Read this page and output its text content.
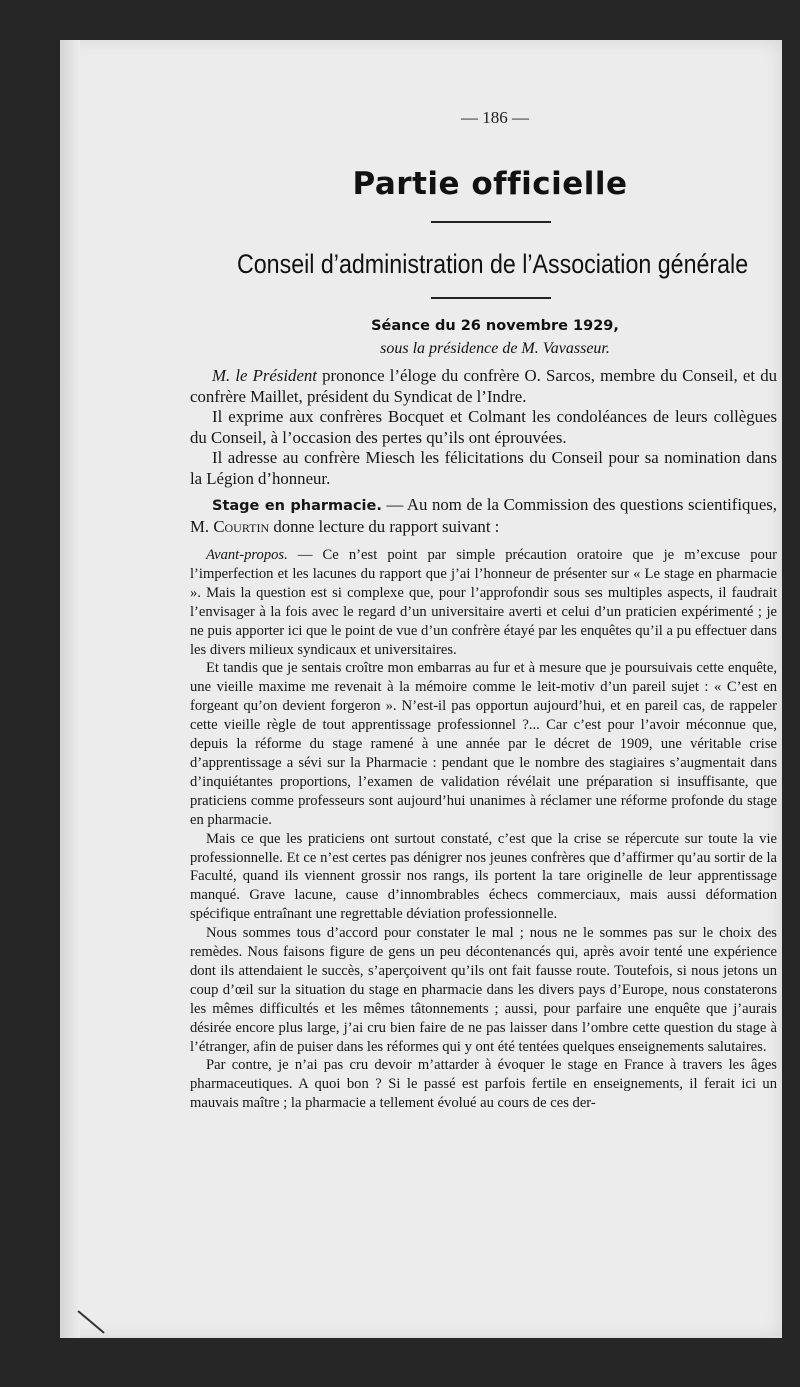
— 186 —
Partie officielle
Conseil d’administration de l’Association générale
Séance du 26 novembre 1929,
sous la présidence de M. Vavasseur.

M. le Président prononce l’éloge du confrère O. Sarcos, membre du Conseil, et du confrère Maillet, président du Syndicat de l’Indre.

Il exprime aux confrères Bocquet et Colmant les condoléances de leurs collègues du Conseil, à l’occasion des pertes qu’ils ont éprouvées.

Il adresse au confrère Miesch les félicitations du Conseil pour sa nomination dans la Légion d’honneur.

Stage en pharmacie. — Au nom de la Commission des questions scientifiques, M. Courtin donne lecture du rapport suivant :

Avant-propos. — Ce n’est point par simple précaution oratoire que je m’excuse pour l’imperfection et les lacunes du rapport que j’ai l’honneur de présenter sur « Le stage en pharmacie ». Mais la question est si complexe que, pour l’approfondir sous ses multiples aspects, il faudrait l’envisager à la fois avec le regard d’un universitaire averti et celui d’un praticien expérimenté ; je ne puis apporter ici que le point de vue d’un confrère étayé par les enquêtes qu’il a pu effectuer dans les divers milieux syndicaux et universitaires.

Et tandis que je sentais croître mon embarras au fur et à mesure que je poursuivais cette enquête, une vieille maxime me revenait à la mémoire comme le leit-motiv d’un pareil sujet : « C’est en forgeant qu’on devient forgeron ». N’est-il pas opportun aujourd’hui, et en pareil cas, de rappeler cette vieille règle de tout apprentissage professionnel ?... Car c’est pour l’avoir méconnue que, depuis la réforme du stage ramené à une année par le décret de 1909, une véritable crise d’apprentissage a sévi sur la Pharmacie : pendant que le nombre des stagiaires s’augmentait dans d’inquiétantes proportions, l’examen de validation révélait une préparation si insuffisante, que praticiens comme professeurs sont aujourd’hui unanimes à réclamer une réforme profonde du stage en pharmacie.

Mais ce que les praticiens ont surtout constaté, c’est que la crise se répercute sur toute la vie professionnelle. Et ce n’est certes pas dénigrer nos jeunes confrères que d’affirmer qu’au sortir de la Faculté, quand ils viennent grossir nos rangs, ils portent la tare originelle de leur apprentissage manqué. Grave lacune, cause d’innombrables échecs commerciaux, mais aussi déformation spécifique entraînant une regrettable déviation professionnelle.

Nous sommes tous d’accord pour constater le mal ; nous ne le sommes pas sur le choix des remèdes. Nous faisons figure de gens un peu décontenancés qui, après avoir tenté une expérience dont ils attendaient le succès, s’aperçoivent qu’ils ont fait fausse route. Toutefois, si nous jetons un coup d’œil sur la situation du stage en pharmacie dans les divers pays d’Europe, nous constaterons les mêmes difficultés et les mêmes tâtonnements ; aussi, pour parfaire une enquête que j’aurais désirée encore plus large, j’ai cru bien faire de ne pas laisser dans l’ombre cette question du stage à l’étranger, afin de puiser dans les réformes qui y ont été tentées quelques enseignements salutaires.

Par contre, je n’ai pas cru devoir m’attarder à évoquer le stage en France à travers les âges pharmaceutiques. A quoi bon ? Si le passé est parfois fertile en enseignements, il ferait ici un mauvais maître ; la pharmacie a tellement évolué au cours de ces der-
